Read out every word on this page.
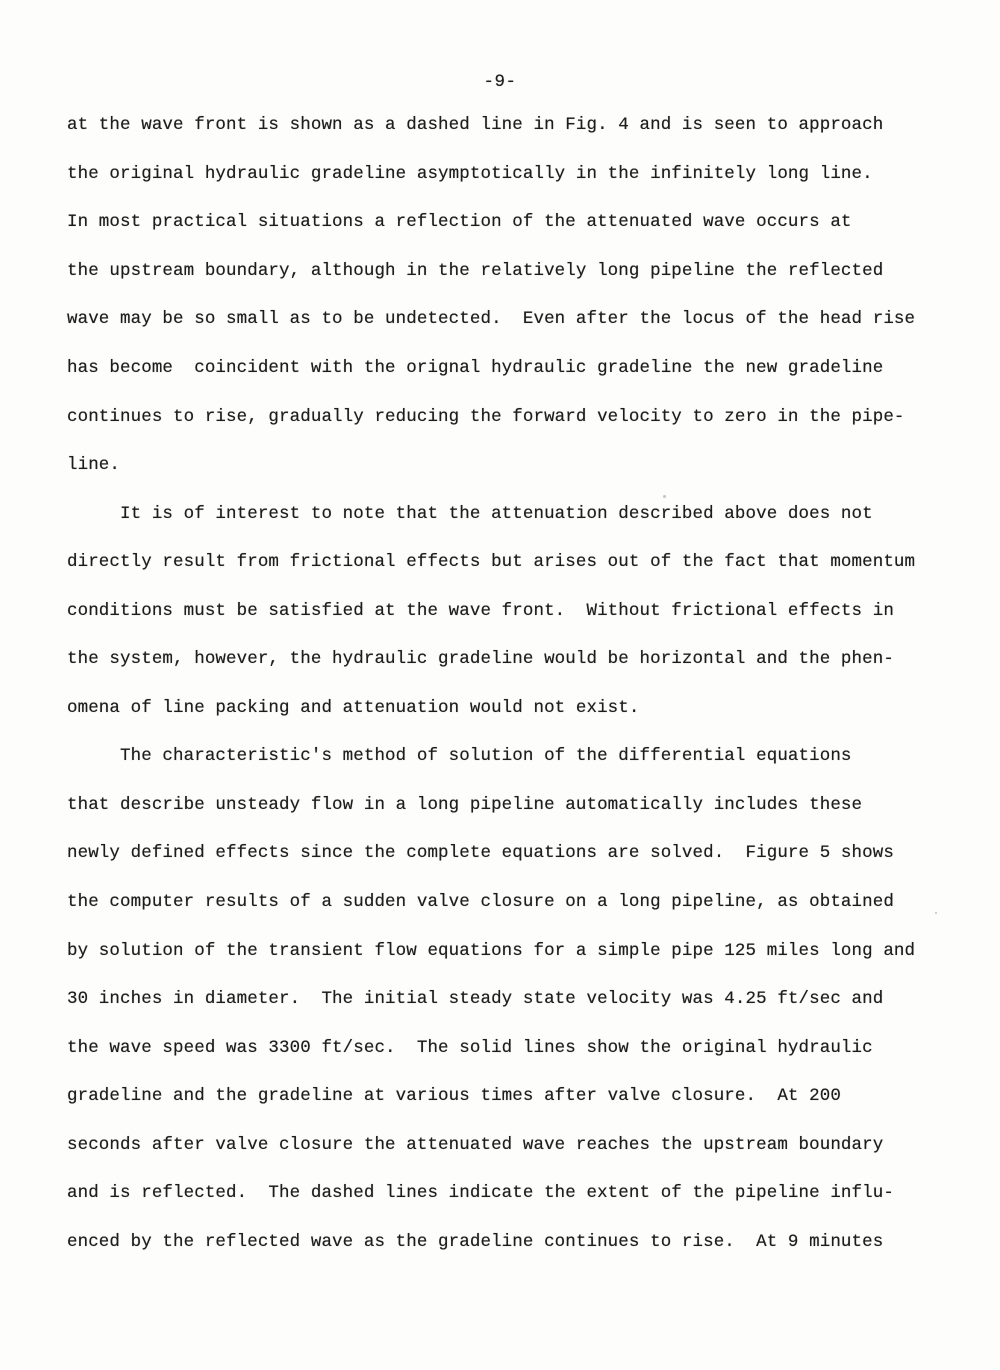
-9-
at the wave front is shown as a dashed line in Fig. 4 and is seen to approach
the original hydraulic gradeline asymptotically in the infinitely long line.
In most practical situations a reflection of the attenuated wave occurs at
the upstream boundary, although in the relatively long pipeline the reflected
wave may be so small as to be undetected.  Even after the locus of the head rise
has become  coincident with the orignal hydraulic gradeline the new gradeline
continues to rise, gradually reducing the forward velocity to zero in the pipe-
line.
It is of interest to note that the attenuation described above does not
directly result from frictional effects but arises out of the fact that momentum
conditions must be satisfied at the wave front.  Without frictional effects in
the system, however, the hydraulic gradeline would be horizontal and the phen-
omena of line packing and attenuation would not exist.
The characteristic's method of solution of the differential equations
that describe unsteady flow in a long pipeline automatically includes these
newly defined effects since the complete equations are solved.  Figure 5 shows
the computer results of a sudden valve closure on a long pipeline, as obtained
by solution of the transient flow equations for a simple pipe 125 miles long and
30 inches in diameter.  The initial steady state velocity was 4.25 ft/sec and
the wave speed was 3300 ft/sec.  The solid lines show the original hydraulic
gradeline and the gradeline at various times after valve closure.  At 200
seconds after valve closure the attenuated wave reaches the upstream boundary
and is reflected.  The dashed lines indicate the extent of the pipeline influ-
enced by the reflected wave as the gradeline continues to rise.  At 9 minutes
